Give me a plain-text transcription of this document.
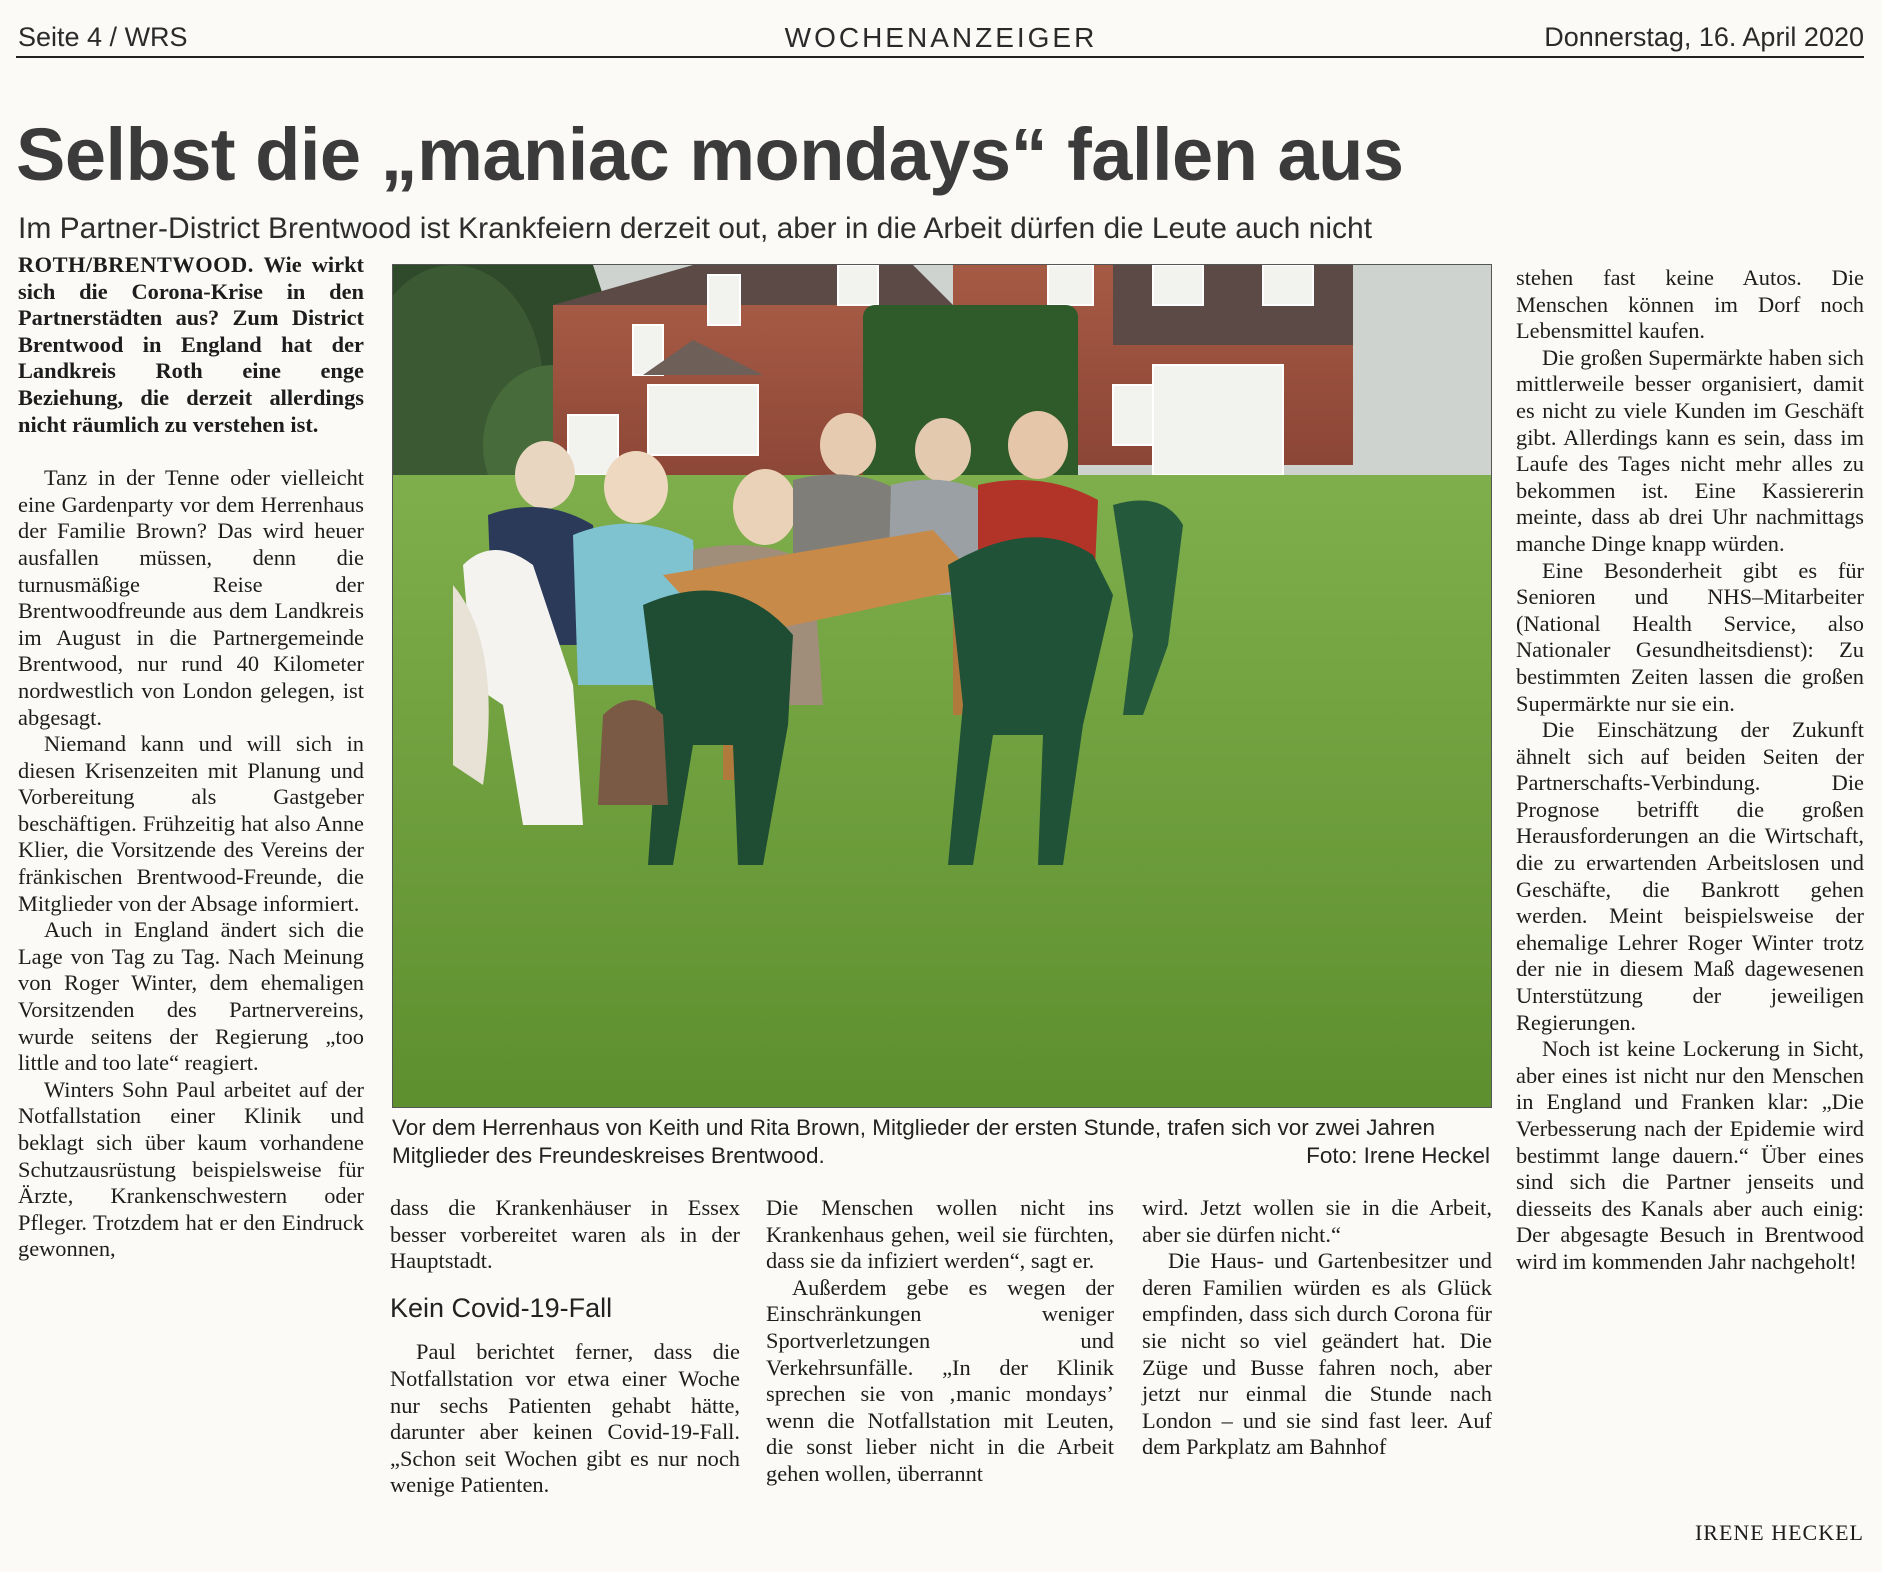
Seite 4 / WRS	WOCHENANZEIGER	Donnerstag, 16. April 2020
Selbst die „maniac mondays“ fallen aus
Im Partner-District Brentwood ist Krankfeiern derzeit out, aber in die Arbeit dürfen die Leute auch nicht

ROTH/BRENTWOOD. Wie wirkt sich die Corona-Krise in den Partnerstädten aus? Zum District Brentwood in England hat der Landkreis Roth eine enge Beziehung, die derzeit allerdings nicht räumlich zu verstehen ist.

Tanz in der Tenne oder vielleicht eine Gardenparty vor dem Herrenhaus der Familie Brown? Das wird heuer ausfallen müssen, denn die turnusmäßige Reise der Brentwoodfreunde aus dem Landkreis im August in die Partnergemeinde Brentwood, nur rund 40 Kilometer nordwestlich von London gelegen, ist abgesagt.

Niemand kann und will sich in diesen Krisenzeiten mit Planung und Vorbereitung als Gastgeber beschäftigen. Frühzeitig hat also Anne Klier, die Vorsitzende des Vereins der fränkischen Brentwood-Freunde, die Mitglieder von der Absage informiert.

Auch in England ändert sich die Lage von Tag zu Tag. Nach Meinung von Roger Winter, dem ehemaligen Vorsitzenden des Partnervereins, wurde seitens der Regierung „too little and too late“ reagiert.

Winters Sohn Paul arbeitet auf der Notfallstation einer Klinik und beklagt sich über kaum vorhandene Schutzausrüstung beispielsweise für Ärzte, Krankenschwestern oder Pfleger. Trotzdem hat er den Eindruck gewonnen,

Vor dem Herrenhaus von Keith und Rita Brown, Mitglieder der ersten Stunde, trafen sich vor zwei Jahren Mitglieder des Freundeskreises Brentwood.	Foto: Irene Heckel

dass die Krankenhäuser in Essex besser vorbereitet waren als in der Hauptstadt.

Kein Covid-19-Fall

Paul berichtet ferner, dass die Notfallstation vor etwa einer Woche nur sechs Patienten gehabt hätte, darunter aber keinen Covid-19-Fall. „Schon seit Wochen gibt es nur noch wenige Patienten.

Die Menschen wollen nicht ins Krankenhaus gehen, weil sie fürchten, dass sie da infiziert werden“, sagt er.

Außerdem gebe es wegen der Einschränkungen weniger Sportverletzungen und Verkehrsunfälle. „In der Klinik sprechen sie von ‚manic mondays’ wenn die Notfallstation mit Leuten, die sonst lieber nicht in die Arbeit gehen wollen, überrannt

wird. Jetzt wollen sie in die Arbeit, aber sie dürfen nicht.“

Die Haus- und Gartenbesitzer und deren Familien würden es als Glück empfinden, dass sich durch Corona für sie nicht so viel geändert hat. Die Züge und Busse fahren noch, aber jetzt nur einmal die Stunde nach London – und sie sind fast leer. Auf dem Parkplatz am Bahnhof

stehen fast keine Autos. Die Menschen können im Dorf noch Lebensmittel kaufen.

Die großen Supermärkte haben sich mittlerweile besser organisiert, damit es nicht zu viele Kunden im Geschäft gibt. Allerdings kann es sein, dass im Laufe des Tages nicht mehr alles zu bekommen ist. Eine Kassiererin meinte, dass ab drei Uhr nachmittags manche Dinge knapp würden.

Eine Besonderheit gibt es für Senioren und NHS–Mitarbeiter (National Health Service, also Nationaler Gesundheitsdienst): Zu bestimmten Zeiten lassen die großen Supermärkte nur sie ein.

Die Einschätzung der Zukunft ähnelt sich auf beiden Seiten der Partnerschafts-Verbindung. Die Prognose betrifft die großen Herausforderungen an die Wirtschaft, die zu erwartenden Arbeitslosen und Geschäfte, die Bankrott gehen werden. Meint beispielsweise der ehemalige Lehrer Roger Winter trotz der nie in diesem Maß dagewesenen Unterstützung der jeweiligen Regierungen.

Noch ist keine Lockerung in Sicht, aber eines ist nicht nur den Menschen in England und Franken klar: „Die Verbesserung nach der Epidemie wird bestimmt lange dauern.“ Über eines sind sich die Partner jenseits und diesseits des Kanals aber auch einig: Der abgesagte Besuch in Brentwood wird im kommenden Jahr nachgeholt!

IRENE HECKEL
